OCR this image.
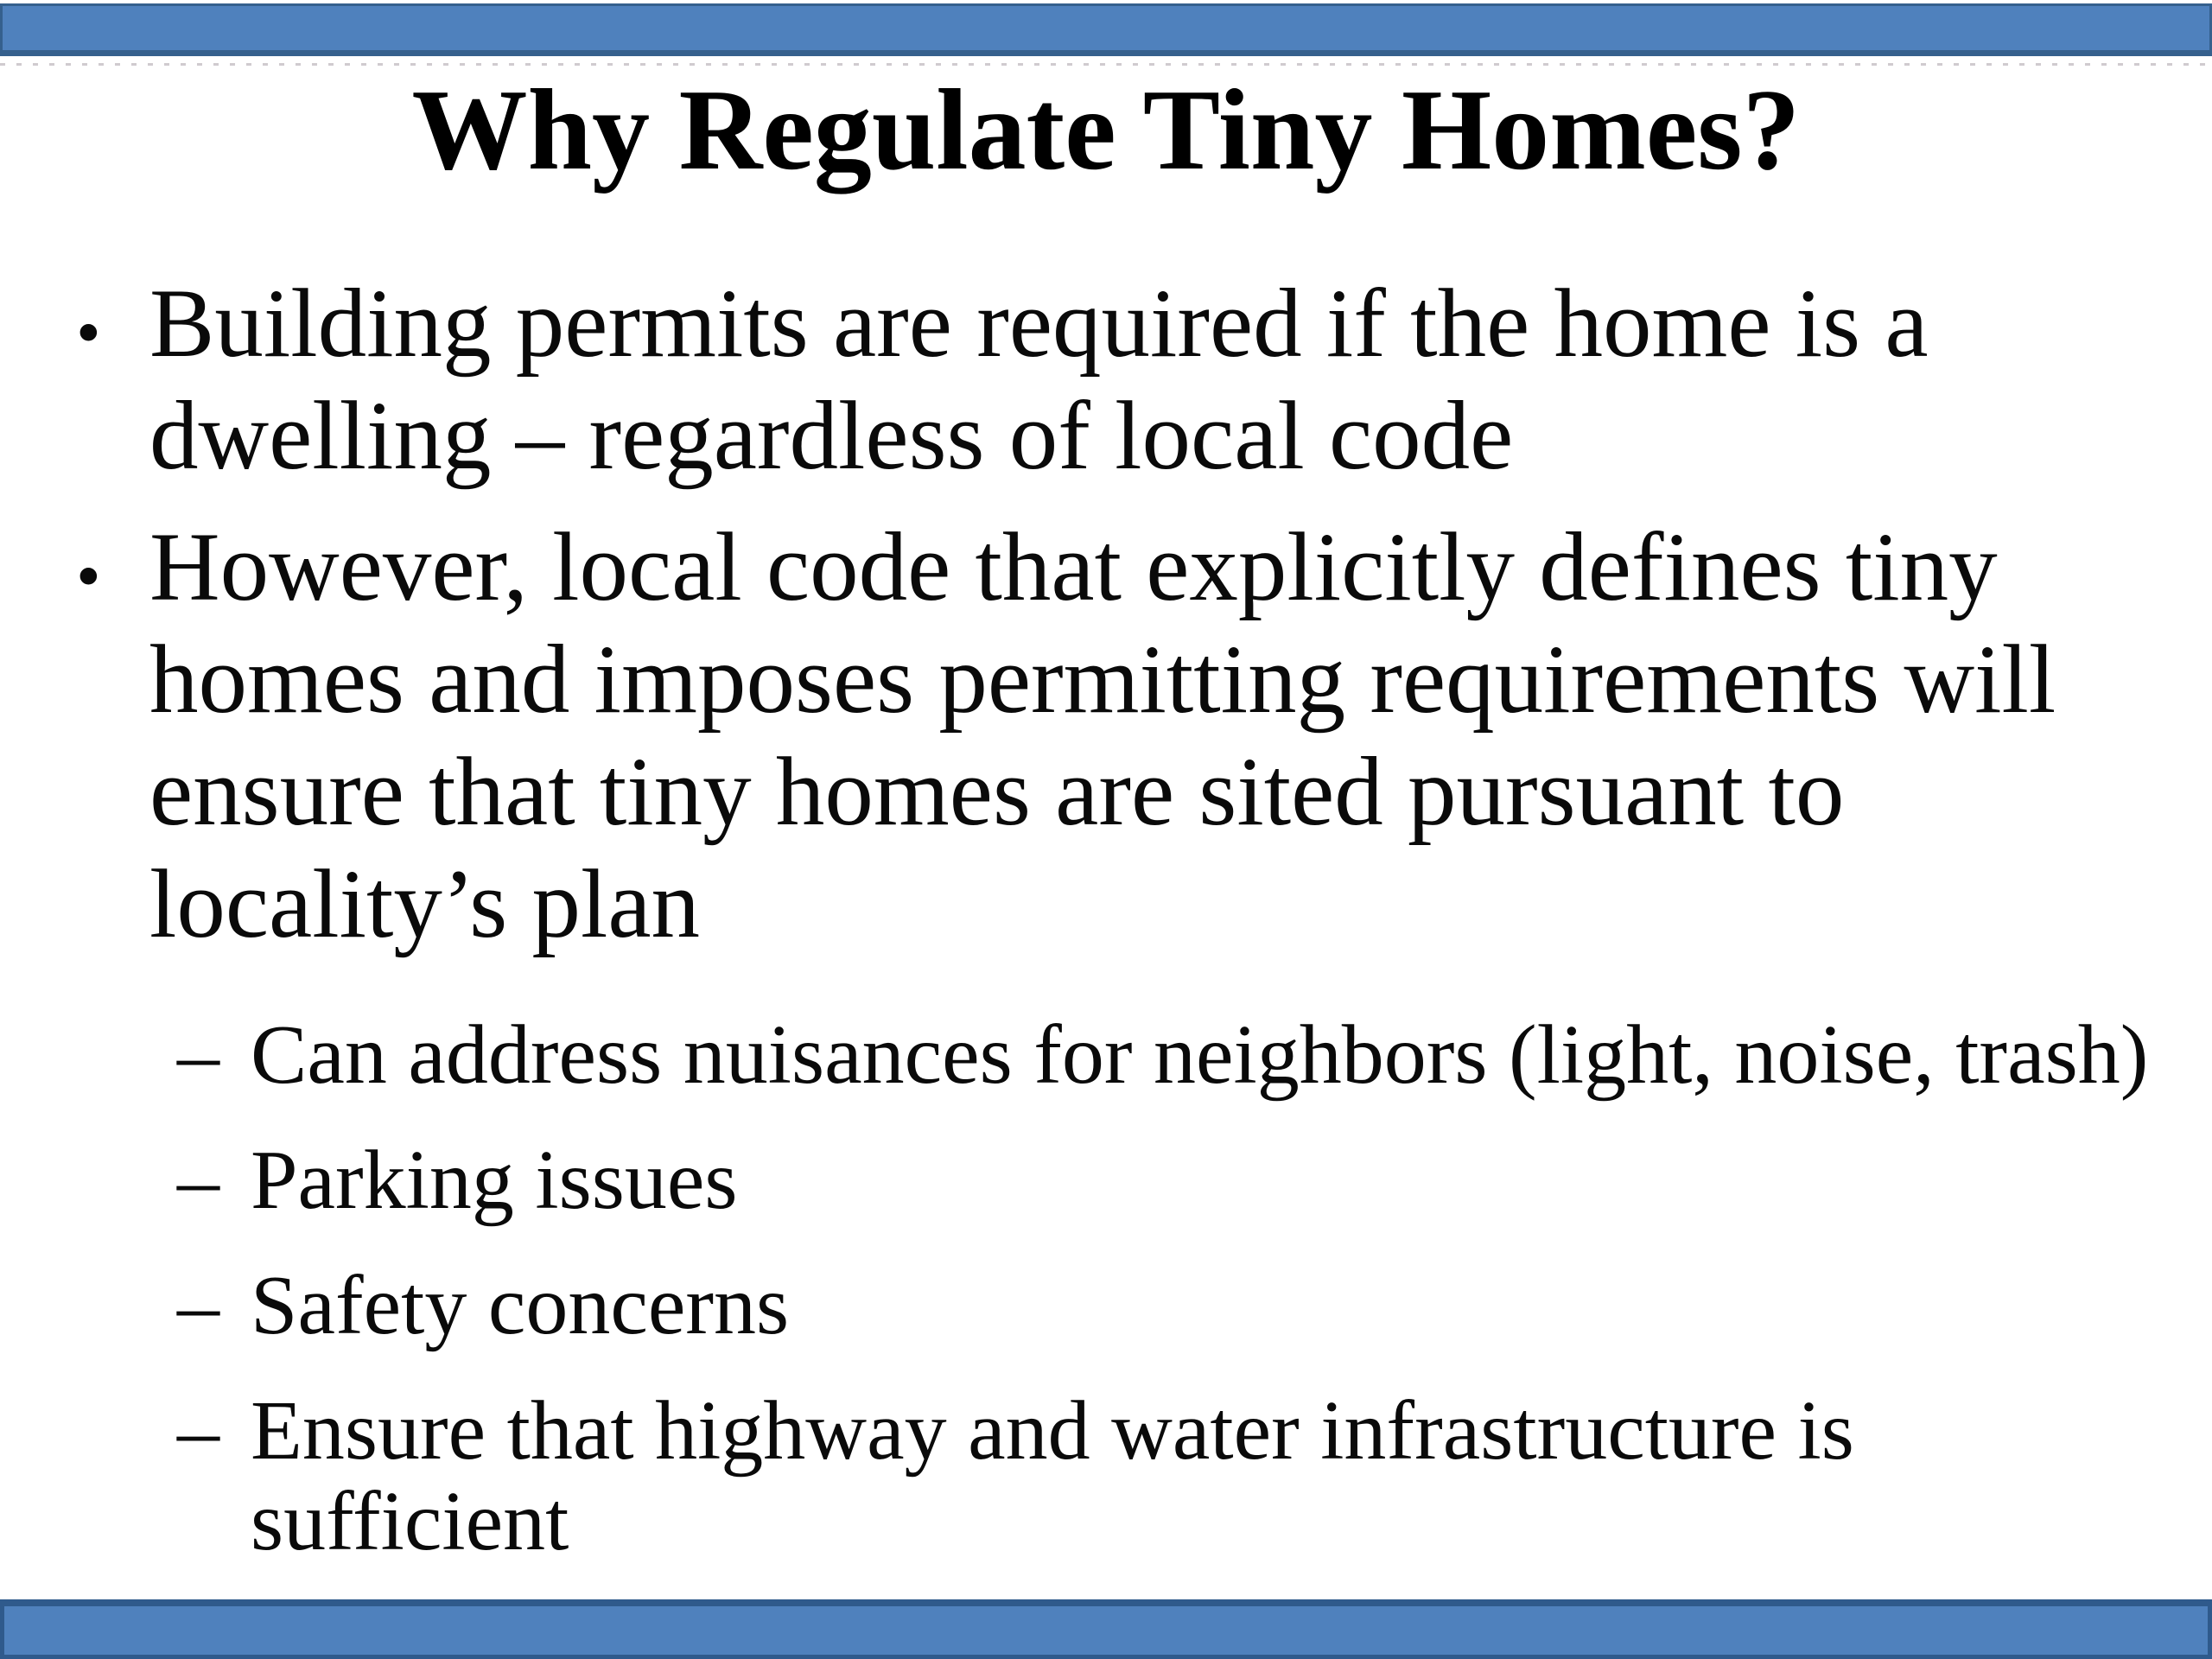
Why Regulate Tiny Homes?
• Building permits are required if the home is a
dwelling – regardless of local code
• However, local code that explicitly defines tiny
homes and imposes permitting requirements will
ensure that tiny homes are sited pursuant to
locality’s plan
– Can address nuisances for neighbors (light, noise, trash)
– Parking issues
– Safety concerns
– Ensure that highway and water infrastructure is
sufficient
